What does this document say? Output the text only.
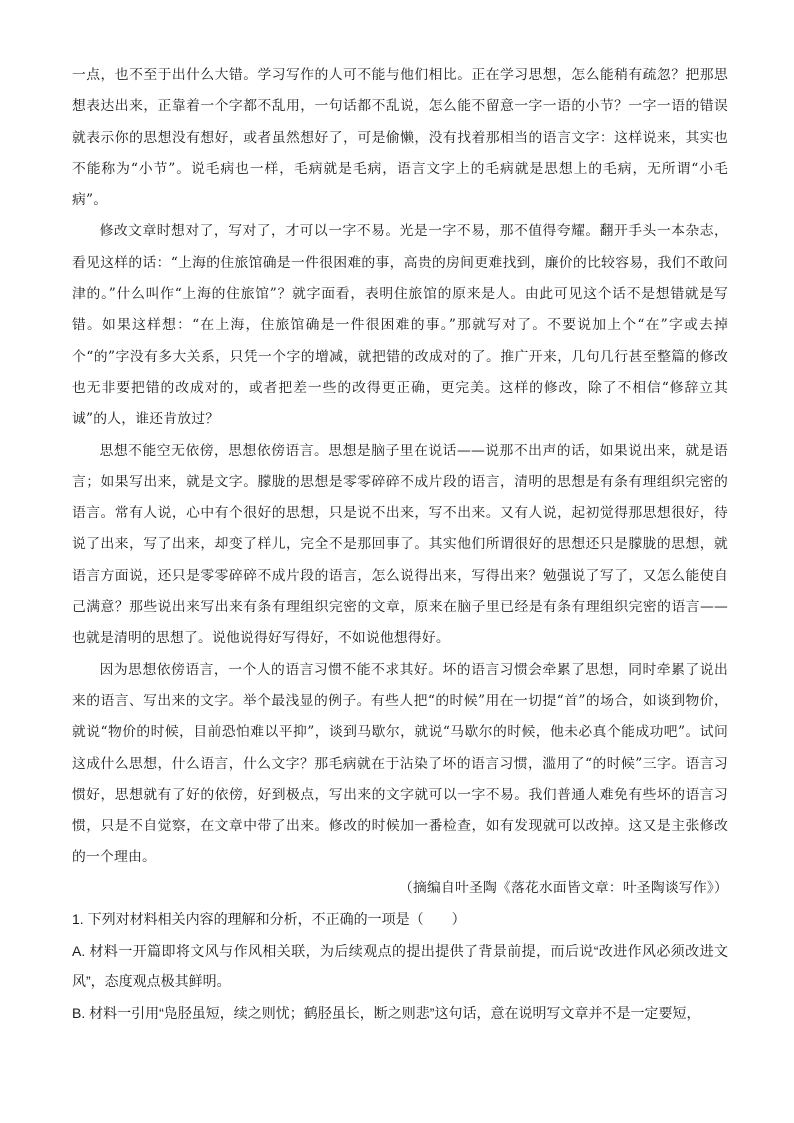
一点，也不至于出什么大错。学习写作的人可不能与他们相比。正在学习思想，怎么能稍有疏忽？把那思想表达出来，正靠着一个字都不乱用，一句话都不乱说，怎么能不留意一字一语的小节？一字一语的错误就表示你的思想没有想好，或者虽然想好了，可是偷懒，没有找着那相当的语言文字：这样说来，其实也不能称为“小节”。说毛病也一样，毛病就是毛病，语言文字上的毛病就是思想上的毛病，无所谓“小毛病”。

修改文章时想对了，写对了，才可以一字不易。光是一字不易，那不值得夸耀。翻开手头一本杂志，看见这样的话：“上海的住旅馆确是一件很困难的事，高贵的房间更难找到，廉价的比较容易，我们不敢问津的。”什么叫作“上海的住旅馆”？就字面看，表明住旅馆的原来是人。由此可见这个话不是想错就是写错。如果这样想：“在上海，住旅馆确是一件很困难的事。”那就写对了。不要说加上个“在”字或去掉个“的”字没有多大关系，只凭一个字的增减，就把错的改成对的了。推广开来，几句几行甚至整篇的修改也无非要把错的改成对的，或者把差一些的改得更正确，更完美。这样的修改，除了不相信“修辞立其诚”的人，谁还肯放过？

思想不能空无依傍，思想依傍语言。思想是脑子里在说话——说那不出声的话，如果说出来，就是语言；如果写出来，就是文字。朦胧的思想是零零碎碎不成片段的语言，清明的思想是有条有理组织完密的语言。常有人说，心中有个很好的思想，只是说不出来，写不出来。又有人说，起初觉得那思想很好，待说了出来，写了出来，却变了样儿，完全不是那回事了。其实他们所谓很好的思想还只是朦胧的思想，就语言方面说，还只是零零碎碎不成片段的语言，怎么说得出来，写得出来？勉强说了写了，又怎么能使自己满意？那些说出来写出来有条有理组织完密的文章，原来在脑子里已经是有条有理组织完密的语言——也就是清明的思想了。说他说得好写得好，不如说他想得好。

因为思想依傍语言，一个人的语言习惯不能不求其好。坏的语言习惯会牵累了思想，同时牵累了说出来的语言、写出来的文字。举个最浅显的例子。有些人把“的时候”用在一切提“首”的场合，如谈到物价，就说“物价的时候，目前恐怕难以平抑”，谈到马歇尔，就说“马歇尔的时候，他未必真个能成功吧”。试问这成什么思想，什么语言，什么文字？那毛病就在于沾染了坏的语言习惯，滥用了“的时候”三字。语言习惯好，思想就有了好的依傍，好到极点，写出来的文字就可以一字不易。我们普通人难免有些坏的语言习惯，只是不自觉察，在文章中带了出来。修改的时候加一番检查，如有发现就可以改掉。这又是主张修改的一个理由。

（摘编自叶圣陶《落花水面皆文章：叶圣陶谈写作》）

1. 下列对材料相关内容的理解和分析，不正确的一项是（　　）

A. 材料一开篇即将文风与作风相关联，为后续观点的提出提供了背景前提，而后说“改进作风必须改进文风”，态度观点极其鲜明。

B. 材料一引用“凫胫虽短，续之则忧；鹤胫虽长，断之则悲”这句话，意在说明写文章并不是一定要短，
